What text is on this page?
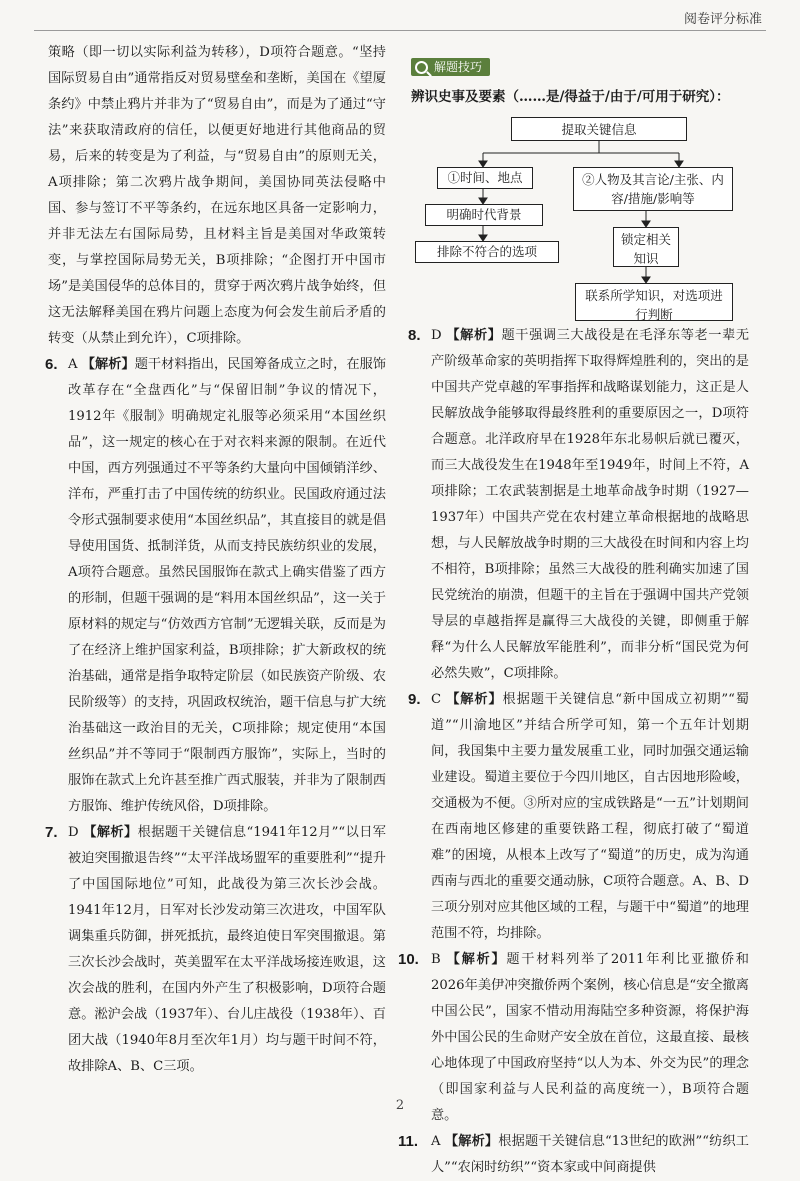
阅卷评分标准

策略（即一切以实际利益为转移），D项符合题意。“坚持国际贸易自由”通常指反对贸易壁垒和垄断，美国在《望厦条约》中禁止鸦片并非为了“贸易自由”，而是为了通过“守法”来获取清政府的信任，以便更好地进行其他商品的贸易，后来的转变是为了利益，与“贸易自由”的原则无关，A项排除；第二次鸦片战争期间，美国协同英法侵略中国、参与签订不平等条约，在远东地区具备一定影响力，并非无法左右国际局势，且材料主旨是美国对华政策转变，与掌控国际局势无关，B项排除；“企图打开中国市场”是美国侵华的总体目的，贯穿于两次鸦片战争始终，但这无法解释美国在鸦片问题上态度为何会发生前后矛盾的转变（从禁止到允许），C项排除。

6. A 【解析】题干材料指出，民国筹备成立之时，在服饰改革存在“全盘西化”与“保留旧制”争议的情况下，1912年《服制》明确规定礼服等必须采用“本国丝织品”，这一规定的核心在于对衣料来源的限制。在近代中国，西方列强通过不平等条约大量向中国倾销洋纱、洋布，严重打击了中国传统的纺织业。民国政府通过法令形式强制要求使用“本国丝织品”，其直接目的就是倡导使用国货、抵制洋货，从而支持民族纺织业的发展，A项符合题意。虽然民国服饰在款式上确实借鉴了西方的形制，但题干强调的是“料用本国丝织品”，这一关于原材料的规定与“仿效西方官制”无逻辑关联，反而是为了在经济上维护国家利益，B项排除；扩大新政权的统治基础，通常是指争取特定阶层（如民族资产阶级、农民阶级等）的支持，巩固政权统治，题干信息与扩大统治基础这一政治目的无关，C项排除；规定使用“本国丝织品”并不等同于“限制西方服饰”，实际上，当时的服饰在款式上允许甚至推广西式服装，并非为了限制西方服饰、维护传统风俗，D项排除。
7. D 【解析】根据题干关键信息“1941年12月”“以日军被迫突围撤退告终”“太平洋战场盟军的重要胜利”“提升了中国国际地位”可知，此战役为第三次长沙会战。1941年12月，日军对长沙发动第三次进攻，中国军队调集重兵防御，拼死抵抗，最终迫使日军突围撤退。第三次长沙会战时，英美盟军在太平洋战场接连败退，这次会战的胜利，在国内外产生了积极影响，D项符合题意。淞沪会战（1937年）、台儿庄战役（1938年）、百团大战（1940年8月至次年1月）均与题干时间不符，故排除A、B、C三项。
解题技巧
辨识史事及要素（……是/得益于/由于/可用于研究）：
提取关键信息
①时间、地点	②人物及其言论/主张、内容/措施/影响等
明确时代背景
排除不符合的选项
锁定相关知识
联系所学知识，对选项进行判断
8. D 【解析】题干强调三大战役是在毛泽东等老一辈无产阶级革命家的英明指挥下取得辉煌胜利的，突出的是中国共产党卓越的军事指挥和战略谋划能力，这正是人民解放战争能够取得最终胜利的重要原因之一，D项符合题意。北洋政府早在1928年东北易帜后就已覆灭，而三大战役发生在1948年至1949年，时间上不符，A项排除；工农武装割据是土地革命战争时期（1927—1937年）中国共产党在农村建立革命根据地的战略思想，与人民解放战争时期的三大战役在时间和内容上均不相符，B项排除；虽然三大战役的胜利确实加速了国民党统治的崩溃，但题干的主旨在于强调中国共产党领导层的卓越指挥是赢得三大战役的关键，即侧重于解释“为什么人民解放军能胜利”，而非分析“国民党为何必然失败”，C项排除。
9. C 【解析】根据题干关键信息“新中国成立初期”“蜀道”“川渝地区”并结合所学可知，第一个五年计划期间，我国集中主要力量发展重工业，同时加强交通运输业建设。蜀道主要位于今四川地区，自古因地形险峻，交通极为不便。③所对应的宝成铁路是“一五”计划期间在西南地区修建的重要铁路工程，彻底打破了“蜀道难”的困境，从根本上改写了“蜀道”的历史，成为沟通西南与西北的重要交通动脉，C项符合题意。A、B、D三项分别对应其他区域的工程，与题干中“蜀道”的地理范围不符，均排除。
10. B 【解析】题干材料列举了2011年利比亚撤侨和2026年美伊冲突撤侨两个案例，核心信息是“安全撤离中国公民”，国家不惜动用海陆空多种资源，将保护海外中国公民的生命财产安全放在首位，这最直接、最核心地体现了中国政府坚持“以人为本、外交为民”的理念（即国家利益与人民利益的高度统一），B项符合题意。
11. A 【解析】根据题干关键信息“13世纪的欧洲”“纺织工人”“农闲时纺织”“资本家或中间商提供
2
